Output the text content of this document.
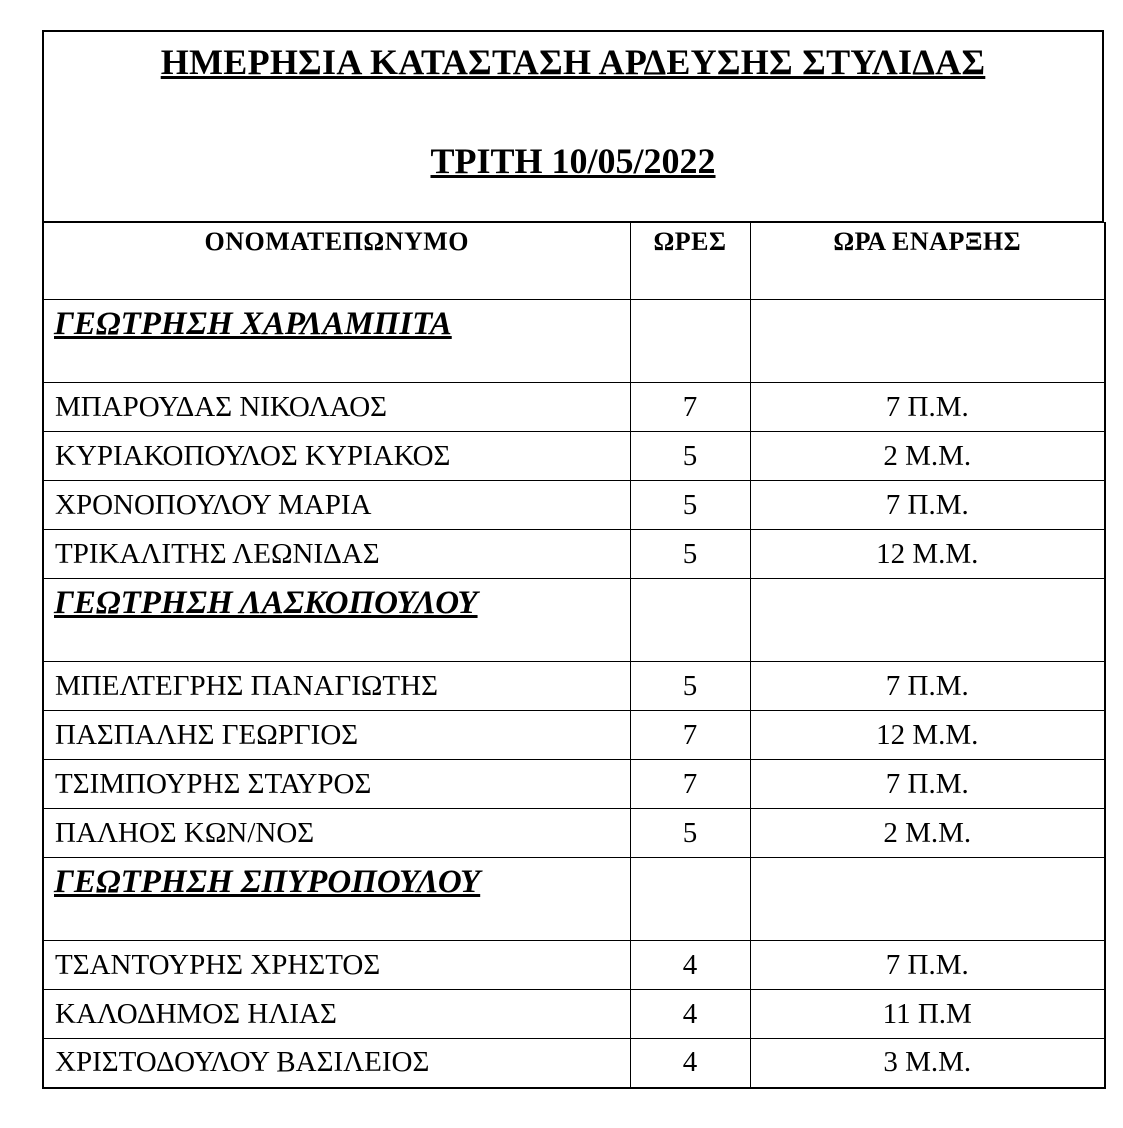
ΗΜΕΡΗΣΙΑ ΚΑΤΑΣΤΑΣΗ ΑΡΔΕΥΣΗΣ ΣΤΥΛΙΔΑΣ
ΤΡΙΤΗ 10/05/2022
ΟΝΟΜΑΤΕΠΩΝΥΜΟ	ΩΡΕΣ	ΩΡΑ ΕΝΑΡΞΗΣ
ΓΕΩΤΡΗΣΗ ΧΑΡΛΑΜΠΙΤΑ		
ΜΠΑΡΟΥΔΑΣ ΝΙΚΟΛΑΟΣ	7	7 Π.Μ.
ΚΥΡΙΑΚΟΠΟΥΛΟΣ ΚΥΡΙΑΚΟΣ	5	2 Μ.Μ.
ΧΡΟΝΟΠΟΥΛΟΥ ΜΑΡΙΑ	5	7 Π.Μ.
ΤΡΙΚΑΛΙΤΗΣ ΛΕΩΝΙΔΑΣ	5	12 Μ.Μ.
ΓΕΩΤΡΗΣΗ ΛΑΣΚΟΠΟΥΛΟΥ		
ΜΠΕΛΤΕΓΡΗΣ ΠΑΝΑΓΙΩΤΗΣ	5	7 Π.Μ.
ΠΑΣΠΑΛΗΣ ΓΕΩΡΓΙΟΣ	7	12 Μ.Μ.
ΤΣΙΜΠΟΥΡΗΣ ΣΤΑΥΡΟΣ	7	7 Π.Μ.
ΠΑΛΗΟΣ ΚΩΝ/ΝΟΣ	5	2 Μ.Μ.
ΓΕΩΤΡΗΣΗ ΣΠΥΡΟΠΟΥΛΟΥ		
ΤΣΑΝΤΟΥΡΗΣ ΧΡΗΣΤΟΣ	4	7 Π.Μ.
ΚΑΛΟΔΗΜΟΣ ΗΛΙΑΣ	4	11 Π.Μ
ΧΡΙΣΤΟΔΟΥΛΟΥ ΒΑΣΙΛΕΙΟΣ	4	3 Μ.Μ.
